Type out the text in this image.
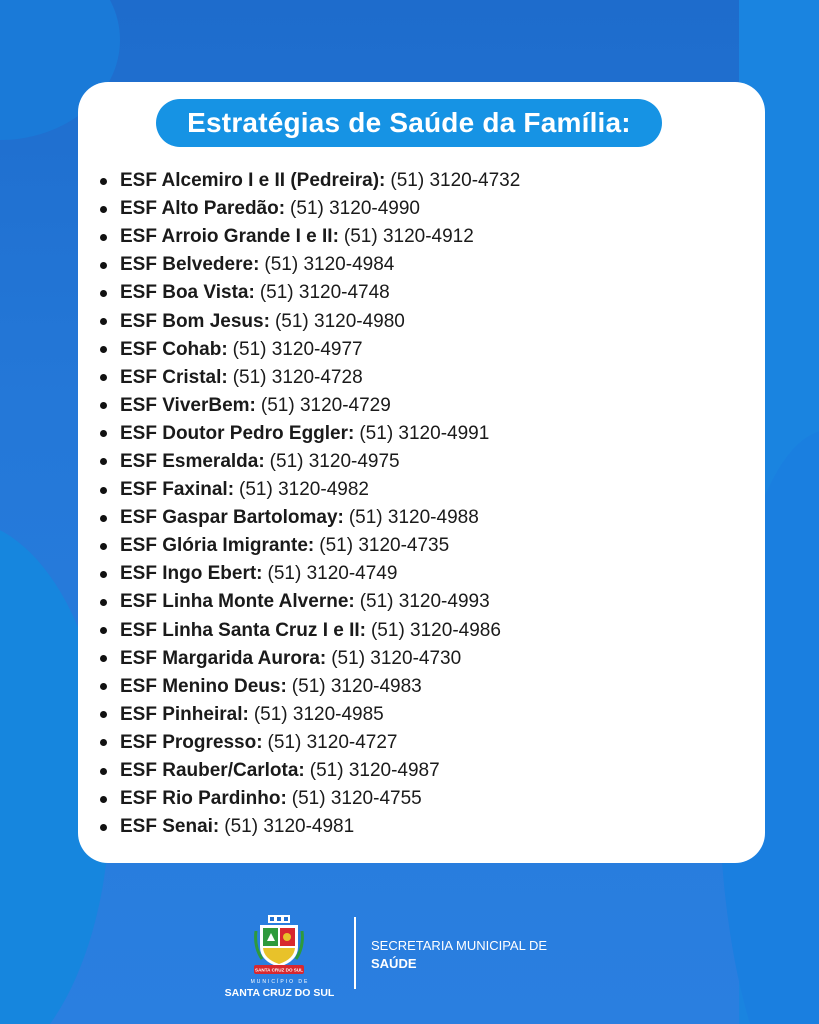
Estratégias de Saúde da Família:
ESF Alcemiro I e II (Pedreira): (51) 3120-4732
ESF Alto Paredão: (51) 3120-4990
ESF Arroio Grande I e II: (51) 3120-4912
ESF Belvedere: (51) 3120-4984
ESF Boa Vista: (51) 3120-4748
ESF Bom Jesus: (51) 3120-4980
ESF Cohab: (51) 3120-4977
ESF Cristal: (51) 3120-4728
ESF ViverBem: (51) 3120-4729
ESF Doutor Pedro Eggler: (51) 3120-4991
ESF Esmeralda: (51) 3120-4975
ESF Faxinal: (51) 3120-4982
ESF Gaspar Bartolomay: (51) 3120-4988
ESF Glória Imigrante: (51) 3120-4735
ESF Ingo Ebert: (51) 3120-4749
ESF Linha Monte Alverne: (51) 3120-4993
ESF Linha Santa Cruz I e II: (51) 3120-4986
ESF Margarida Aurora: (51) 3120-4730
ESF Menino Deus: (51) 3120-4983
ESF Pinheiral: (51) 3120-4985
ESF Progresso: (51) 3120-4727
ESF Rauber/Carlota: (51) 3120-4987
ESF Rio Pardinho: (51) 3120-4755
ESF Senai: (51) 3120-4981
SANTA CRUZ DO SUL
MUNICÍPIO DE
SANTA CRUZ DO SUL
SECRETARIA MUNICIPAL DE
SAÚDE
